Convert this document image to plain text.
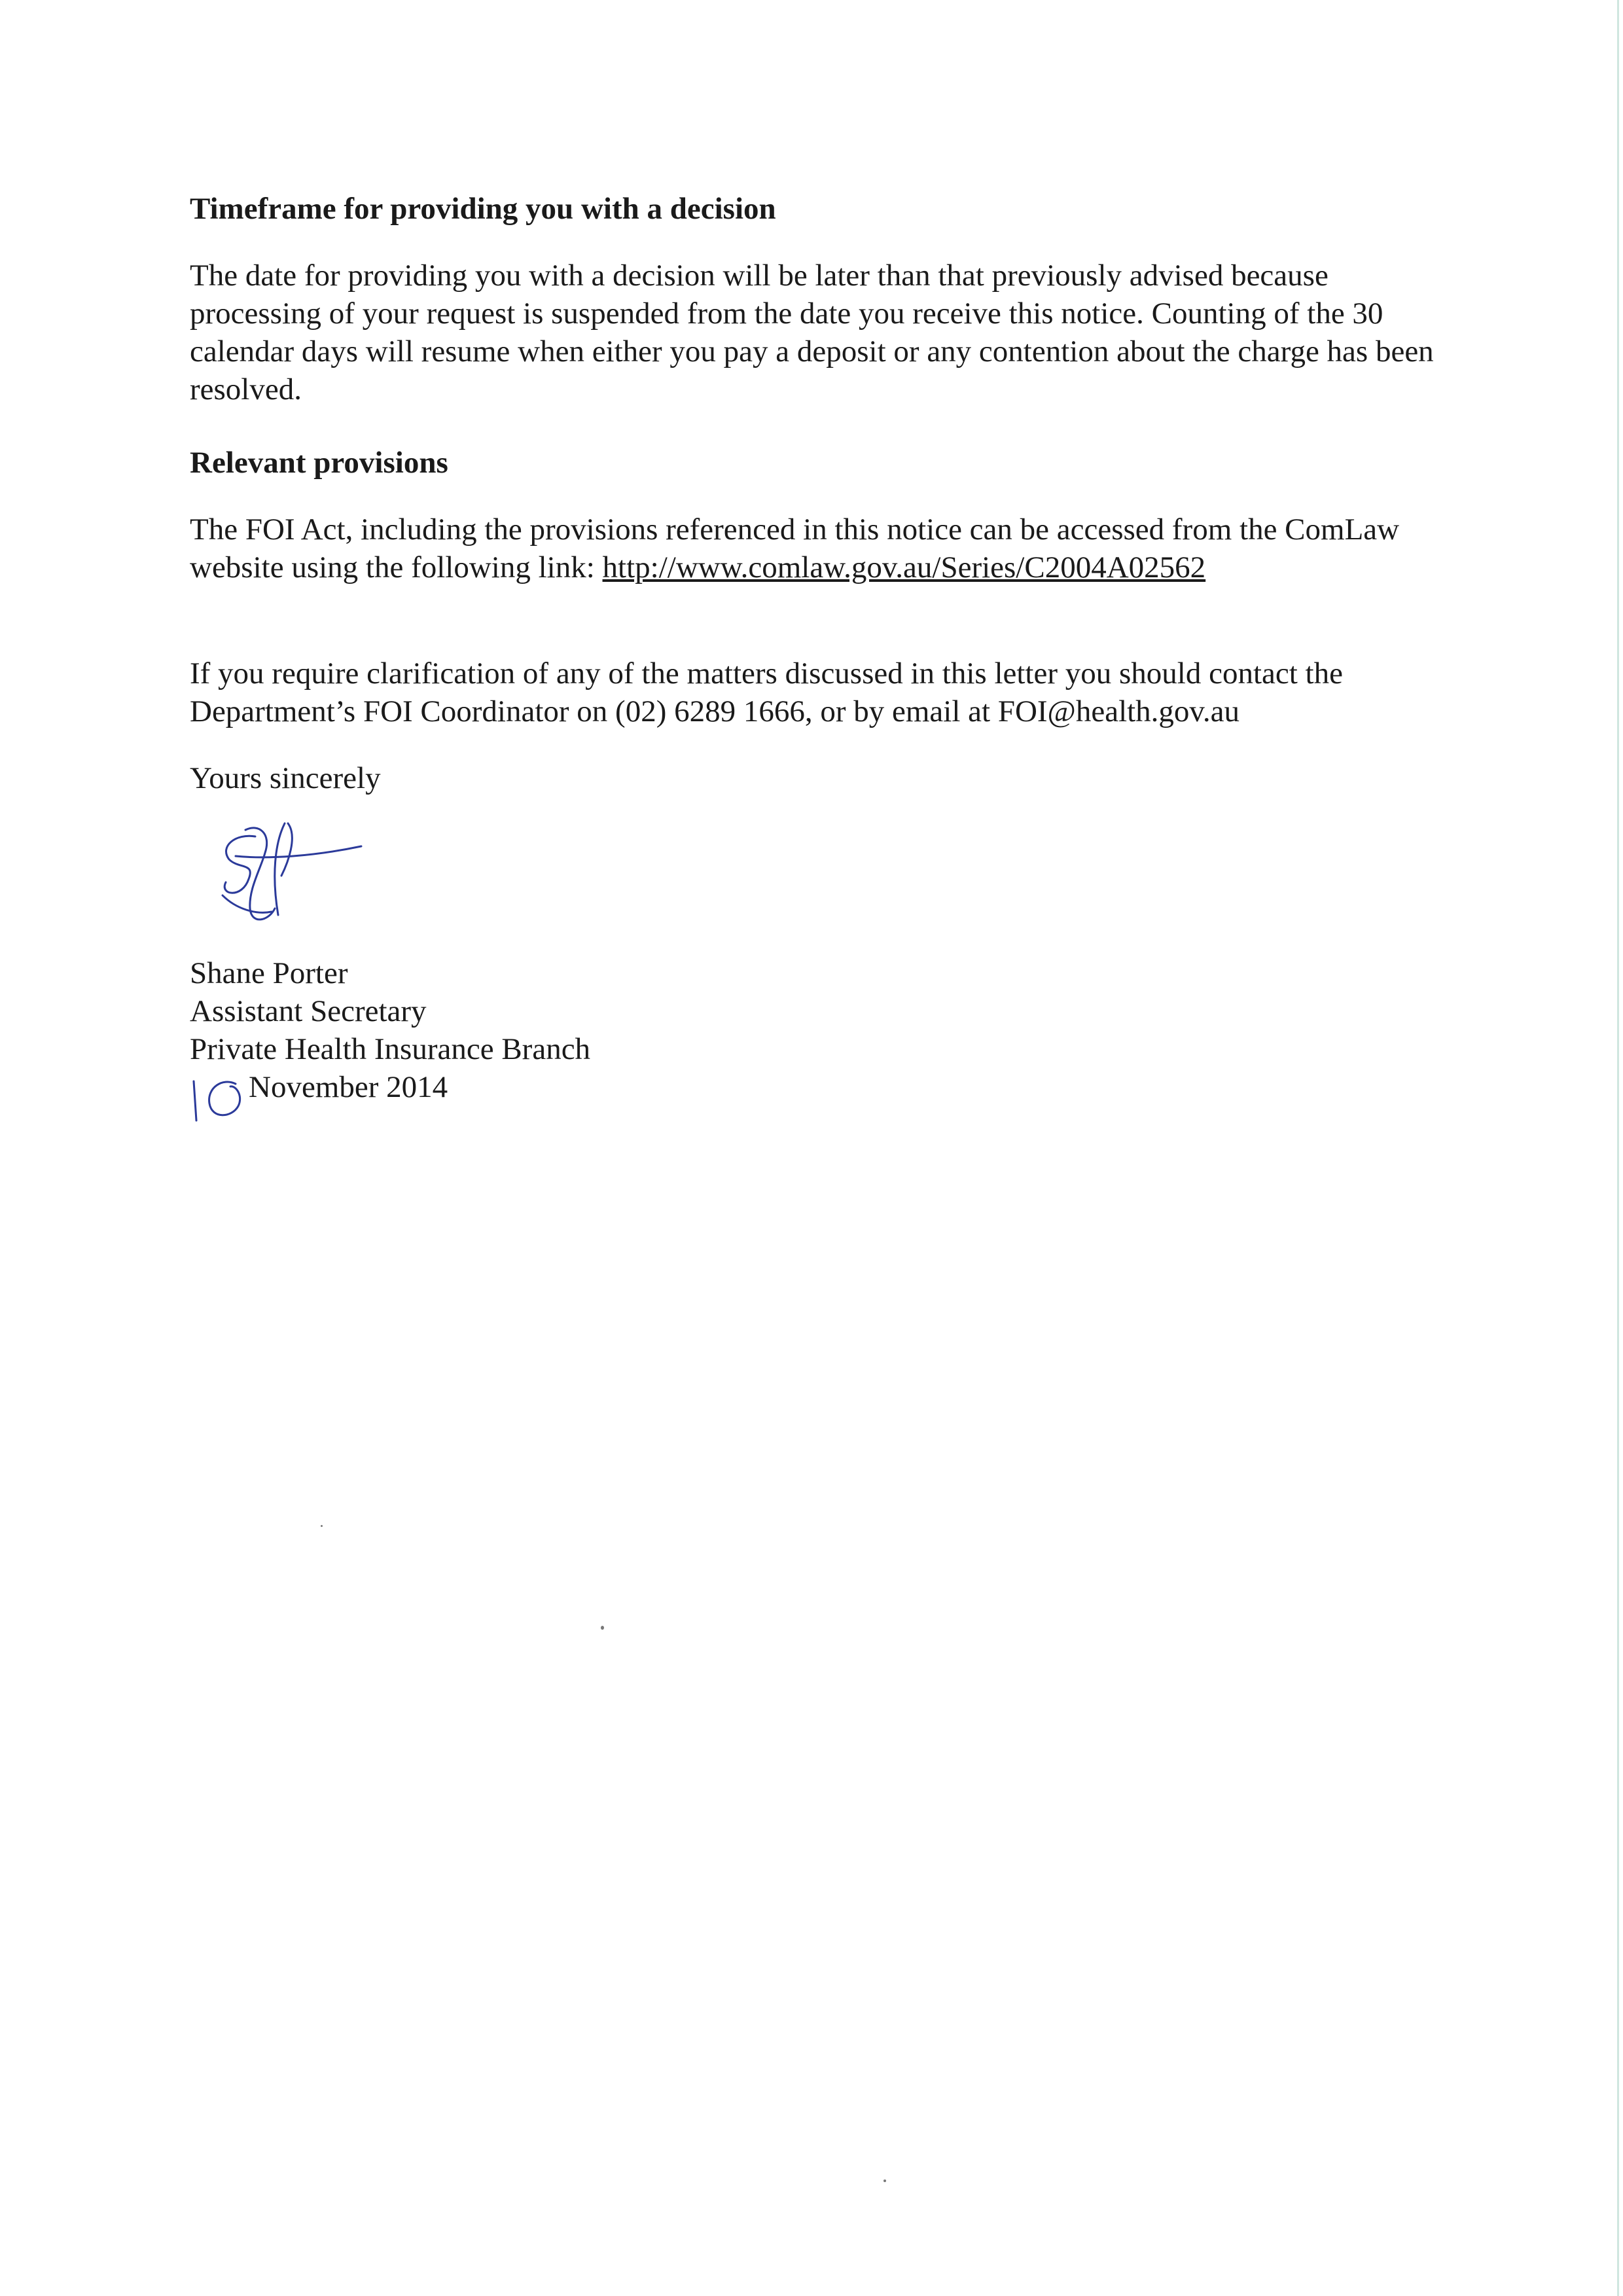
Timeframe for providing you with a decision

The date for providing you with a decision will be later than that previously advised because processing of your request is suspended from the date you receive this notice. Counting of the 30 calendar days will resume when either you pay a deposit or any contention about the charge has been resolved.

Relevant provisions

The FOI Act, including the provisions referenced in this notice can be accessed from the ComLaw website using the following link: http://www.comlaw.gov.au/Series/C2004A02562

If you require clarification of any of the matters discussed in this letter you should contact the Department’s FOI Coordinator on (02) 6289 1666, or by email at FOI@health.gov.au

Yours sincerely

Shane Porter

Assistant Secretary

Private Health Insurance Branch

November 2014
